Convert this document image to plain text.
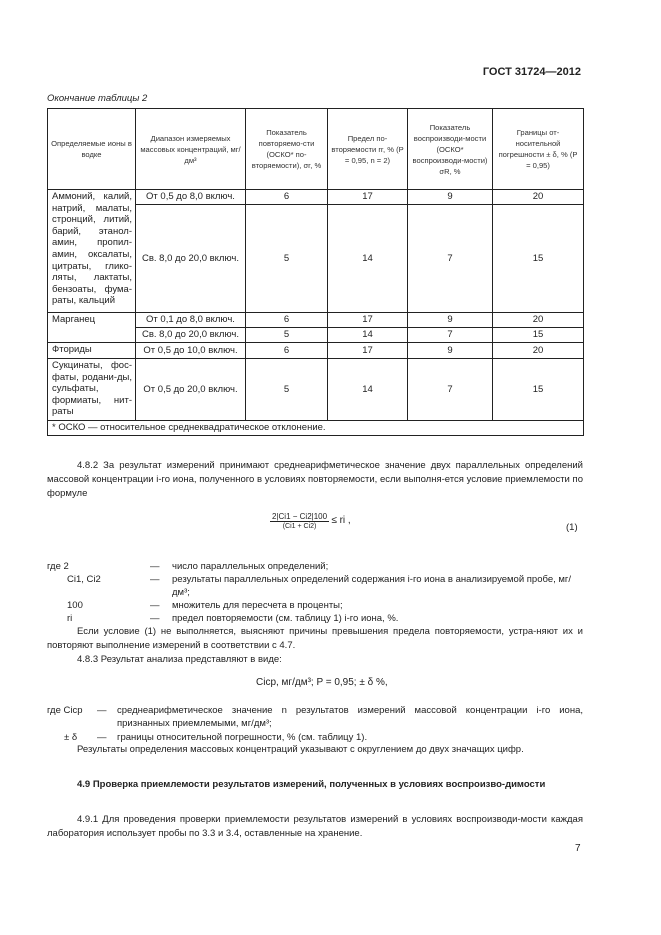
ГОСТ 31724—2012
Окончание таблицы 2
Определяемые ионы в водке	Диапазон измеряемых массовых концентраций, мг/дм³	Показатель повторяемо-сти (ОСКО* по-вторяемости), σr, %	Предел по-вторяемости rr, % (P = 0,95, n = 2)	Показатель воспроизводи-мости (ОСКО* воспроизводи-мости) σR, %	Границы от-носительной погрешности ± δ, % (P = 0,95)
Аммоний, калий, натрий, малаты, стронций, литий, барий, этанол-амин, пропил-амин, оксалаты, цитраты, глико-ляты, лактаты, бензоаты, фума-раты, кальций	От 0,5 до 8,0 включ.	6	17	9	20
	Св. 8,0 до 20,0 включ.	5	14	7	15
Марганец	От 0,1 до 8,0 включ.	6	17	9	20
	Св. 8,0 до 20,0 включ.	5	14	7	15
Фториды	От 0,5 до 10,0 включ.	6	17	9	20
Сукцинаты, фос-фаты, родани-ды, сульфаты, формиаты, нит-раты	От 0,5 до 20,0 включ.	5	14	7	15
* ОСКО — относительное среднеквадратическое отклонение.					
4.8.2 За результат измерений принимают среднеарифметическое значение двух параллельных определений массовой концентрации i-го иона, полученного в условиях повторяемости, если выполня-ется условие приемлемости по формуле
$\frac{2|Ci1 - Ci2|100}{(Ci1 + Ci2)}$ ≤ ri ,
(1)
где 2	— число параллельных определений;
Ci1, Ci2	— результаты параллельных определений содержания i-го иона в анализируемой пробе, мг/дм³;
100	— множитель для пересчета в проценты;
ri	— предел повторяемости (см. таблицу 1) i-го иона, %.
Если условие (1) не выполняется, выясняют причины превышения предела повторяемости, устра-няют их и повторяют выполнение измерений в соответствии с 4.7.
4.8.3 Результат анализа представляют в виде:
Ciср, мг/дм³; P = 0,95; ± δ %,
где Ciср — среднеарифметическое значение n результатов измерений массовой концентрации i-го иона, признанных приемлемыми, мг/дм³;
± δ — границы относительной погрешности, % (см. таблицу 1).
Результаты определения массовых концентраций указывают с округлением до двух значащих цифр.
4.9 Проверка приемлемости результатов измерений, полученных в условиях воспроизво-димости
4.9.1 Для проведения проверки приемлемости результатов измерений в условиях воспроизводи-мости каждая лаборатория использует пробы по 3.3 и 3.4, оставленные на хранение.
7
